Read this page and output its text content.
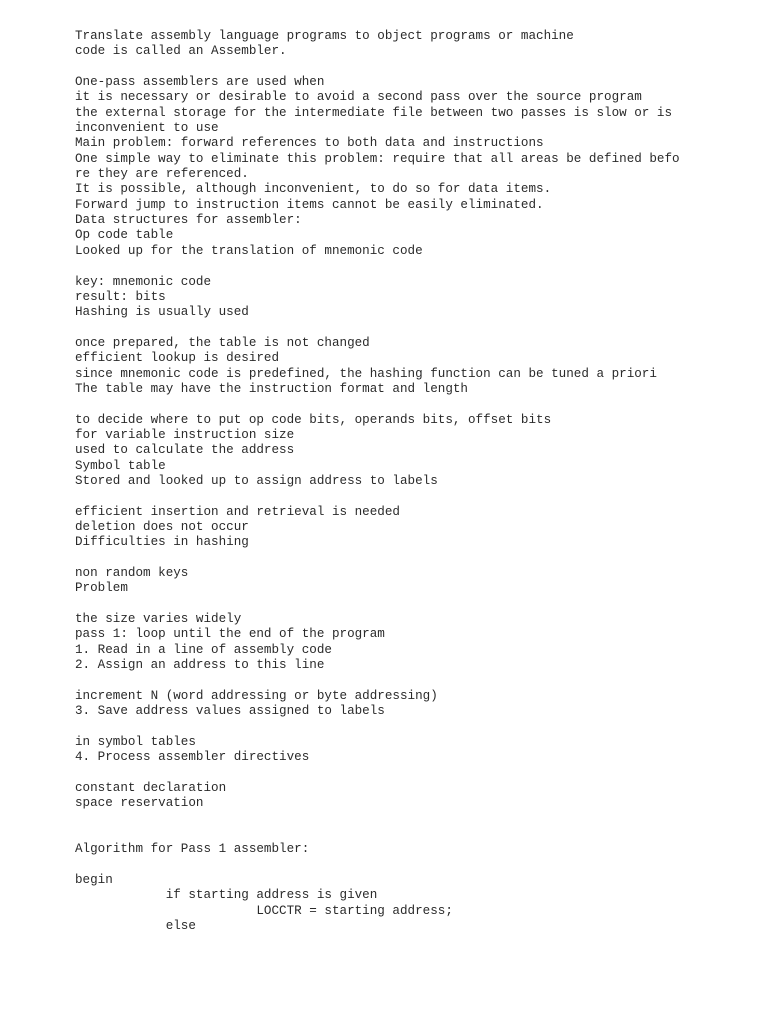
Translate assembly language programs to object programs or machine
code is called an Assembler.
One-pass assemblers are used when
it is necessary or desirable to avoid a second pass over the source program
the external storage for the intermediate file between two passes is slow or is
inconvenient to use
Main problem: forward references to both data and instructions
One simple way to eliminate this problem: require that all areas be defined befo
re they are referenced.
It is possible, although inconvenient, to do so for data items.
Forward jump to instruction items cannot be easily eliminated.
Data structures for assembler:
Op code table
Looked up for the translation of mnemonic code
key: mnemonic code
result: bits
Hashing is usually used
once prepared, the table is not changed
efficient lookup is desired
since mnemonic code is predefined, the hashing function can be tuned a priori
The table may have the instruction format and length
to decide where to put op code bits, operands bits, offset bits
for variable instruction size
used to calculate the address
Symbol table
Stored and looked up to assign address to labels
efficient insertion and retrieval is needed
deletion does not occur
Difficulties in hashing
non random keys
Problem
the size varies widely
pass 1: loop until the end of the program
1. Read in a line of assembly code
2. Assign an address to this line
increment N (word addressing or byte addressing)
3. Save address values assigned to labels
in symbol tables
4. Process assembler directives
constant declaration
space reservation
Algorithm for Pass 1 assembler:
begin
if starting address is given
LOCCTR = starting address;
else
